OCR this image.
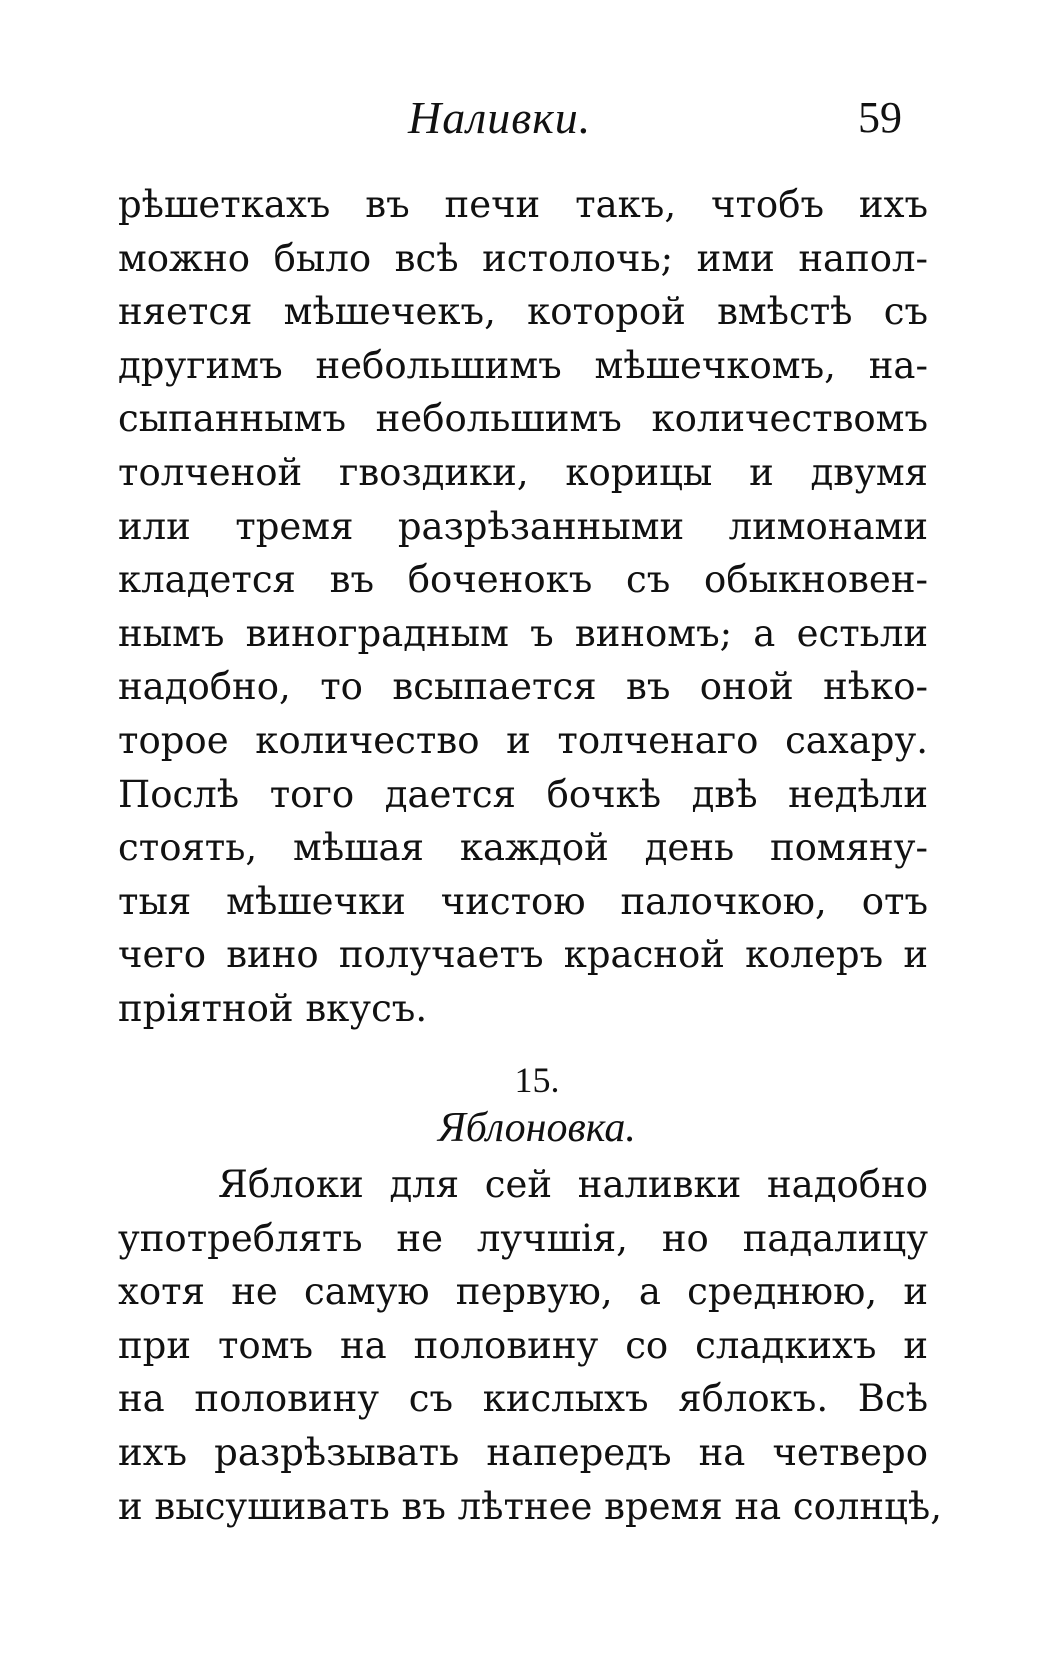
Наливки.	59
рѣшеткахъ въ печи такъ, чтобъ ихъ
можно было всѣ истолочь; ими напол-
няется мѣшечекъ, которой вмѣстѣ съ
другимъ небольшимъ мѣшечкомъ, на-
сыпаннымъ небольшимъ количествомъ
толченой гвоздики, корицы и двумя
или тремя разрѣзанными лимонами
кладется въ боченокъ съ обыкновен-
нымъ виноградным ъ виномъ; а естьли
надобно, то всыпается въ оной нѣко-
торое количество и толченаго сахару.
Послѣ того дается бочкѣ двѣ недѣли
стоять, мѣшая каждой день помяну-
тыя мѣшечки чистою палочкою, отъ
чего вино получаетъ красной колеръ и
пріятной вкусъ.
15.
Яблоновка.
Яблоки для сей наливки надобно
употреблять не лучшія, но падалицу
хотя не самую первую, а среднюю, и
при томъ на половину со сладкихъ и
на половину съ кислыхъ яблокъ. Всѣ
ихъ разрѣзывать напередъ на четверо
и высушивать въ лѣтнее время на солнцѣ,
